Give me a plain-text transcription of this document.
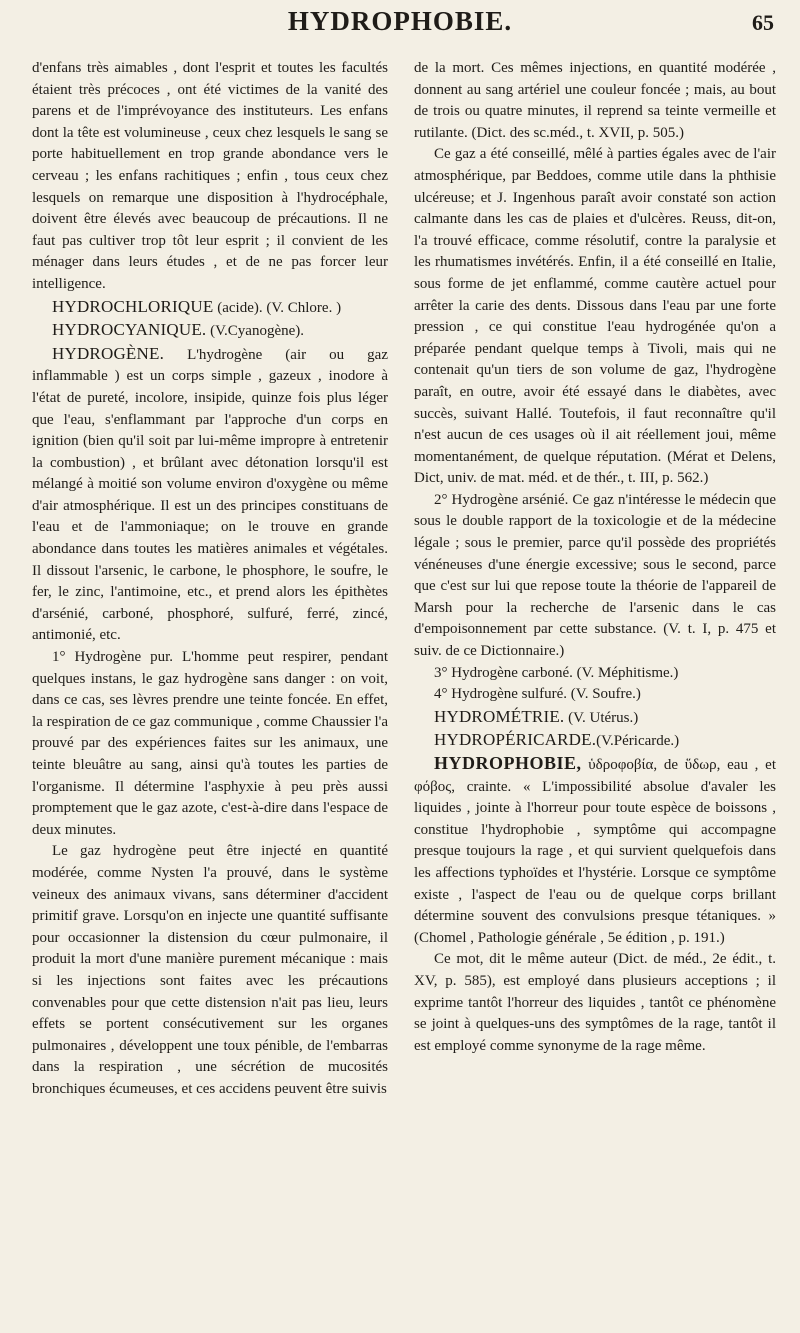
HYDROPHOBIE.	65

d'enfans très aimables , dont l'esprit et toutes les facultés étaient très précoces , ont été victimes de la vanité des parens et de l'imprévoyance des instituteurs. Les enfans dont la tête est volumineuse , ceux chez lesquels le sang se porte habituellement en trop grande abondance vers le cerveau ; les enfans rachitiques ; enfin , tous ceux chez lesquels on remarque une disposition à l'hydrocéphale, doivent être élevés avec beaucoup de précautions. Il ne faut pas cultiver trop tôt leur esprit ; il convient de les ménager dans leurs études , et de ne pas forcer leur intelligence.

HYDROCHLORIQUE (acide). (V. Chlore. )

HYDROCYANIQUE. (V.Cyanogène).

HYDROGÈNE. L'hydrogène (air ou gaz inflammable ) est un corps simple , gazeux , inodore à l'état de pureté, incolore, insipide, quinze fois plus léger que l'eau, s'enflammant par l'approche d'un corps en ignition (bien qu'il soit par lui-même impropre à entretenir la combustion) , et brûlant avec détonation lorsqu'il est mélangé à moitié son volume environ d'oxygène ou même d'air atmosphérique. Il est un des principes constituans de l'eau et de l'ammoniaque; on le trouve en grande abondance dans toutes les matières animales et végétales. Il dissout l'arsenic, le carbone, le phosphore, le soufre, le fer, le zinc, l'antimoine, etc., et prend alors les épithètes d'arsénié, carboné, phosphoré, sulfuré, ferré, zincé, antimonié, etc.

1° Hydrogène pur. L'homme peut respirer, pendant quelques instans, le gaz hydrogène sans danger : on voit, dans ce cas, ses lèvres prendre une teinte foncée. En effet, la respiration de ce gaz communique , comme Chaussier l'a prouvé par des expériences faites sur les animaux, une teinte bleuâtre au sang, ainsi qu'à toutes les parties de l'organisme. Il détermine l'asphyxie à peu près aussi promptement que le gaz azote, c'est-à-dire dans l'espace de deux minutes.

Le gaz hydrogène peut être injecté en quantité modérée, comme Nysten l'a prouvé, dans le système veineux des animaux vivans, sans déterminer d'accident primitif grave. Lorsqu'on en injecte une quantité suffisante pour occasionner la distension du cœur pulmonaire, il produit la mort d'une manière purement mécanique : mais si les injections sont faites avec les précautions convenables pour que cette distension n'ait pas lieu, leurs effets se portent consécutivement sur les organes pulmonaires , développent une toux pénible, de l'embarras dans la respiration , une sécrétion de mucosités bronchiques écumeuses, et ces accidens peuvent être suivis

de la mort. Ces mêmes injections, en quantité modérée , donnent au sang artériel une couleur foncée ; mais, au bout de trois ou quatre minutes, il reprend sa teinte vermeille et rutilante. (Dict. des sc.méd., t. XVII, p. 505.)

Ce gaz a été conseillé, mêlé à parties égales avec de l'air atmosphérique, par Beddoes, comme utile dans la phthisie ulcéreuse; et J. Ingenhous paraît avoir constaté son action calmante dans les cas de plaies et d'ulcères. Reuss, dit-on, l'a trouvé efficace, comme résolutif, contre la paralysie et les rhumatismes invétérés. Enfin, il a été conseillé en Italie, sous forme de jet enflammé, comme cautère actuel pour arrêter la carie des dents. Dissous dans l'eau par une forte pression , ce qui constitue l'eau hydrogénée qu'on a préparée pendant quelque temps à Tivoli, mais qui ne contenait qu'un tiers de son volume de gaz, l'hydrogène paraît, en outre, avoir été essayé dans le diabètes, avec succès, suivant Hallé. Toutefois, il faut reconnaître qu'il n'est aucun de ces usages où il ait réellement joui, même momentanément, de quelque réputation. (Mérat et Delens, Dict, univ. de mat. méd. et de thér., t. III, p. 562.)

2° Hydrogène arsénié. Ce gaz n'intéresse le médecin que sous le double rapport de la toxicologie et de la médecine légale ; sous le premier, parce qu'il possède des propriétés vénéneuses d'une énergie excessive; sous le second, parce que c'est sur lui que repose toute la théorie de l'appareil de Marsh pour la recherche de l'arsenic dans le cas d'empoisonnement par cette substance. (V. t. I, p. 475 et suiv. de ce Dictionnaire.)

3° Hydrogène carboné. (V. Méphitisme.)

4° Hydrogène sulfuré. (V. Soufre.)

HYDROMÉTRIE. (V. Utérus.)

HYDROPÉRICARDE.(V.Péricarde.)

HYDROPHOBIE, ὑδροφοβία, de ὕδωρ, eau , et φόβος, crainte. « L'impossibilité absolue d'avaler les liquides , jointe à l'horreur pour toute espèce de boissons , constitue l'hydrophobie , symptôme qui accompagne presque toujours la rage , et qui survient quelquefois dans les affections typhoïdes et l'hystérie. Lorsque ce symptôme existe , l'aspect de l'eau ou de quelque corps brillant détermine souvent des convulsions presque tétaniques. » (Chomel , Pathologie générale , 5e édition , p. 191.)

Ce mot, dit le même auteur (Dict. de méd., 2e édit., t. XV, p. 585), est employé dans plusieurs acceptions ; il exprime tantôt l'horreur des liquides , tantôt ce phénomène se joint à quelques-uns des symptômes de la rage, tantôt il est employé comme synonyme de la rage même.
